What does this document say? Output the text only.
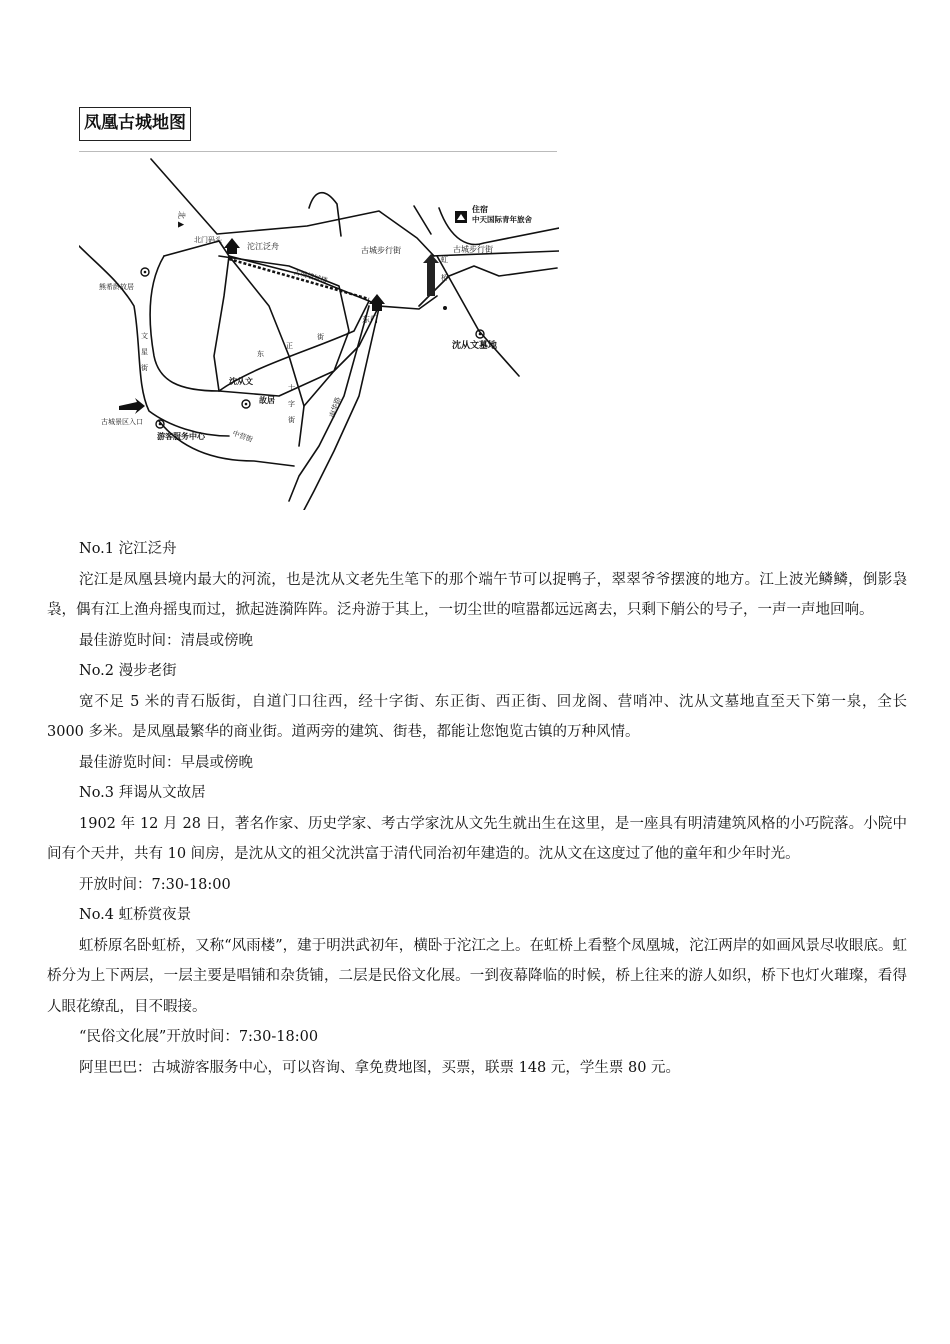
凤凰古城地图
北 ▲
北门码头
沱江泛舟
古城墙城楼
古城步行街	古城步行街
住宿
中天国际青年旅舍
虹
桥
熊希龄故居
文
星
街
东
正
街
东门
沈从文墓地
沈从文
故居
十
字
街
南华路
古城景区入口
游客服务中心	中营街

No.1 沱江泛舟

沱江是凤凰县境内最大的河流，也是沈从文老先生笔下的那个端午节可以捉鸭子，翠翠爷爷摆渡的地方。江上波光鳞鳞，倒影袅袅，偶有江上渔舟摇曳而过，掀起涟漪阵阵。泛舟游于其上，一切尘世的喧嚣都远远离去，只剩下艄公的号子，一声一声地回响。

最佳游览时间：清晨或傍晚

No.2 漫步老街

宽不足 5 米的青石版街，自道门口往西，经十字街、东正街、西正街、回龙阁、营哨冲、沈从文墓地直至天下第一泉，全长 3000 多米。是凤凰最繁华的商业街。道两旁的建筑、街巷，都能让您饱览古镇的万种风情。

最佳游览时间：早晨或傍晚

No.3 拜谒从文故居

1902 年 12 月 28 日，著名作家、历史学家、考古学家沈从文先生就出生在这里，是一座具有明清建筑风格的小巧院落。小院中间有个天井，共有 10 间房，是沈从文的祖父沈洪富于清代同治初年建造的。沈从文在这度过了他的童年和少年时光。

开放时间：7:30-18:00

No.4 虹桥赏夜景

虹桥原名卧虹桥，又称“风雨楼”，建于明洪武初年，横卧于沱江之上。在虹桥上看整个凤凰城，沱江两岸的如画风景尽收眼底。虹桥分为上下两层，一层主要是唱铺和杂货铺，二层是民俗文化展。一到夜幕降临的时候，桥上往来的游人如织，桥下也灯火璀璨，看得人眼花缭乱，目不暇接。

“民俗文化展”开放时间：7:30-18:00

阿里巴巴：古城游客服务中心，可以咨询、拿免费地图，买票，联票 148 元，学生票 80 元。
